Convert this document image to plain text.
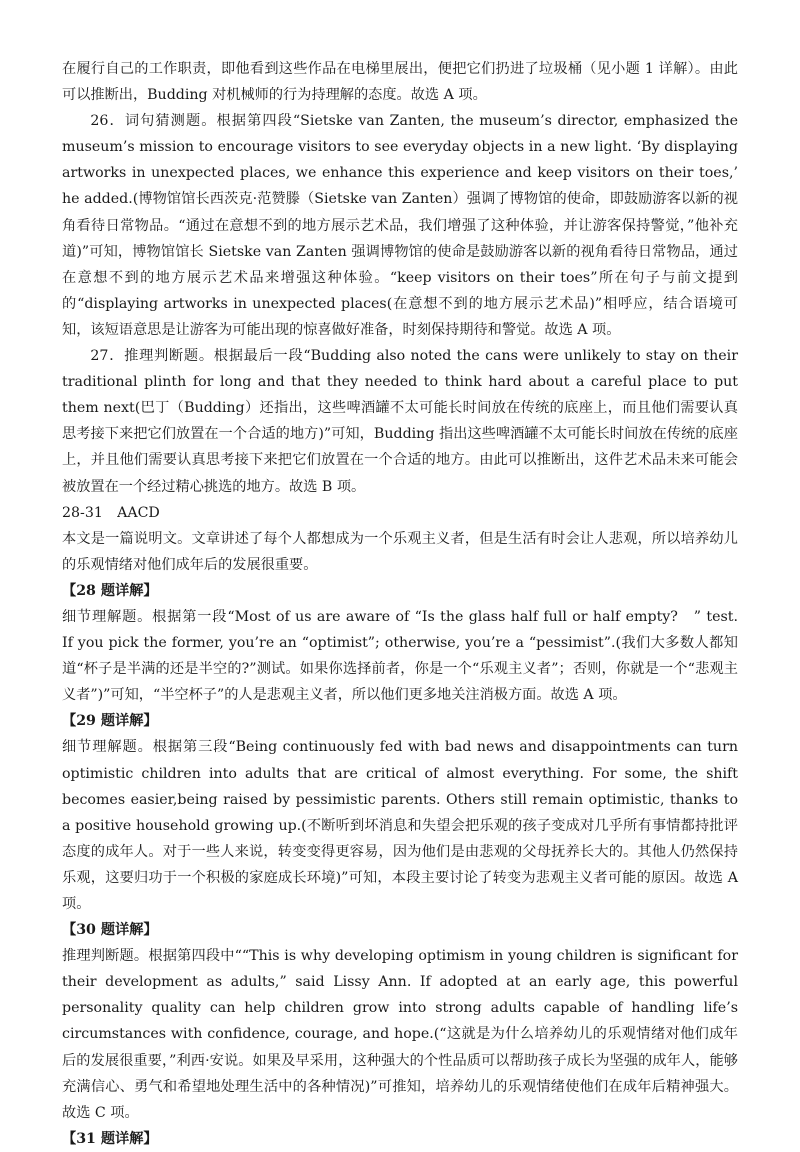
在履行自己的工作职责，即他看到这些作品在电梯里展出，便把它们扔进了垃圾桶（见小题 1 详解）。由此可以推断出，Budding 对机械师的行为持理解的态度。故选 A 项。

26．词句猜测题。根据第四段“Sietske van Zanten, the museum’s director, emphasized the museum’s mission to encourage visitors to see everyday objects in a new light. ‘By displaying artworks in unexpected places, we enhance this experience and keep visitors on their toes,’ he added.(博物馆馆长西茨克·范赞滕（Sietske van Zanten）强调了博物馆的使命，即鼓励游客以新的视角看待日常物品。“通过在意想不到的地方展示艺术品，我们增强了这种体验，并让游客保持警觉，”他补充道)”可知，博物馆馆长 Sietske van Zanten 强调博物馆的使命是鼓励游客以新的视角看待日常物品，通过在意想不到的地方展示艺术品来增强这种体验。“keep visitors on their toes”所在句子与前文提到的“displaying artworks in unexpected places(在意想不到的地方展示艺术品)”相呼应，结合语境可知，该短语意思是让游客为可能出现的惊喜做好准备，时刻保持期待和警觉。故选 A 项。

27．推理判断题。根据最后一段“Budding also noted the cans were unlikely to stay on their traditional plinth for long and that they needed to think hard about a careful place to put them next(巴丁（Budding）还指出，这些啤酒罐不太可能长时间放在传统的底座上，而且他们需要认真思考接下来把它们放置在一个合适的地方)”可知，Budding 指出这些啤酒罐不太可能长时间放在传统的底座上，并且他们需要认真思考接下来把它们放置在一个合适的地方。由此可以推断出，这件艺术品未来可能会被放置在一个经过精心挑选的地方。故选 B 项。

28-31　AACD

本文是一篇说明文。文章讲述了每个人都想成为一个乐观主义者，但是生活有时会让人悲观，所以培养幼儿的乐观情绪对他们成年后的发展很重要。

【28 题详解】

细节理解题。根据第一段“Most of us are aware of “Is the glass half full or half empty?　” test.　If you pick the former, you’re an “optimist”; otherwise, you’re a “pessimist”.(我们大多数人都知道“杯子是半满的还是半空的?”测试。如果你选择前者，你是一个“乐观主义者”；否则，你就是一个“悲观主义者”)”可知，“半空杯子”的人是悲观主义者，所以他们更多地关注消极方面。故选 A 项。

【29 题详解】

细节理解题。根据第三段“Being continuously fed with bad news and disappointments can turn optimistic children into adults that are critical of almost everything. For some, the shift becomes easier,being raised by pessimistic parents. Others still remain optimistic, thanks to a positive household growing up.(不断听到坏消息和失望会把乐观的孩子变成对几乎所有事情都持批评态度的成年人。对于一些人来说，转变变得更容易，因为他们是由悲观的父母抚养长大的。其他人仍然保持乐观，这要归功于一个积极的家庭成长环境)”可知，本段主要讨论了转变为悲观主义者可能的原因。故选 A 项。

【30 题详解】

推理判断题。根据第四段中““This is why developing optimism in young children is significant for their development as adults,” said Lissy Ann. If adopted at an early age, this powerful personality quality can help children grow into strong adults capable of handling life’s circumstances with confidence, courage, and hope.(“这就是为什么培养幼儿的乐观情绪对他们成年后的发展很重要，”利西·安说。如果及早采用，这种强大的个性品质可以帮助孩子成长为坚强的成年人，能够充满信心、勇气和希望地处理生活中的各种情况)”可推知，培养幼儿的乐观情绪使他们在成年后精神强大。故选 C 项。

【31 题详解】
